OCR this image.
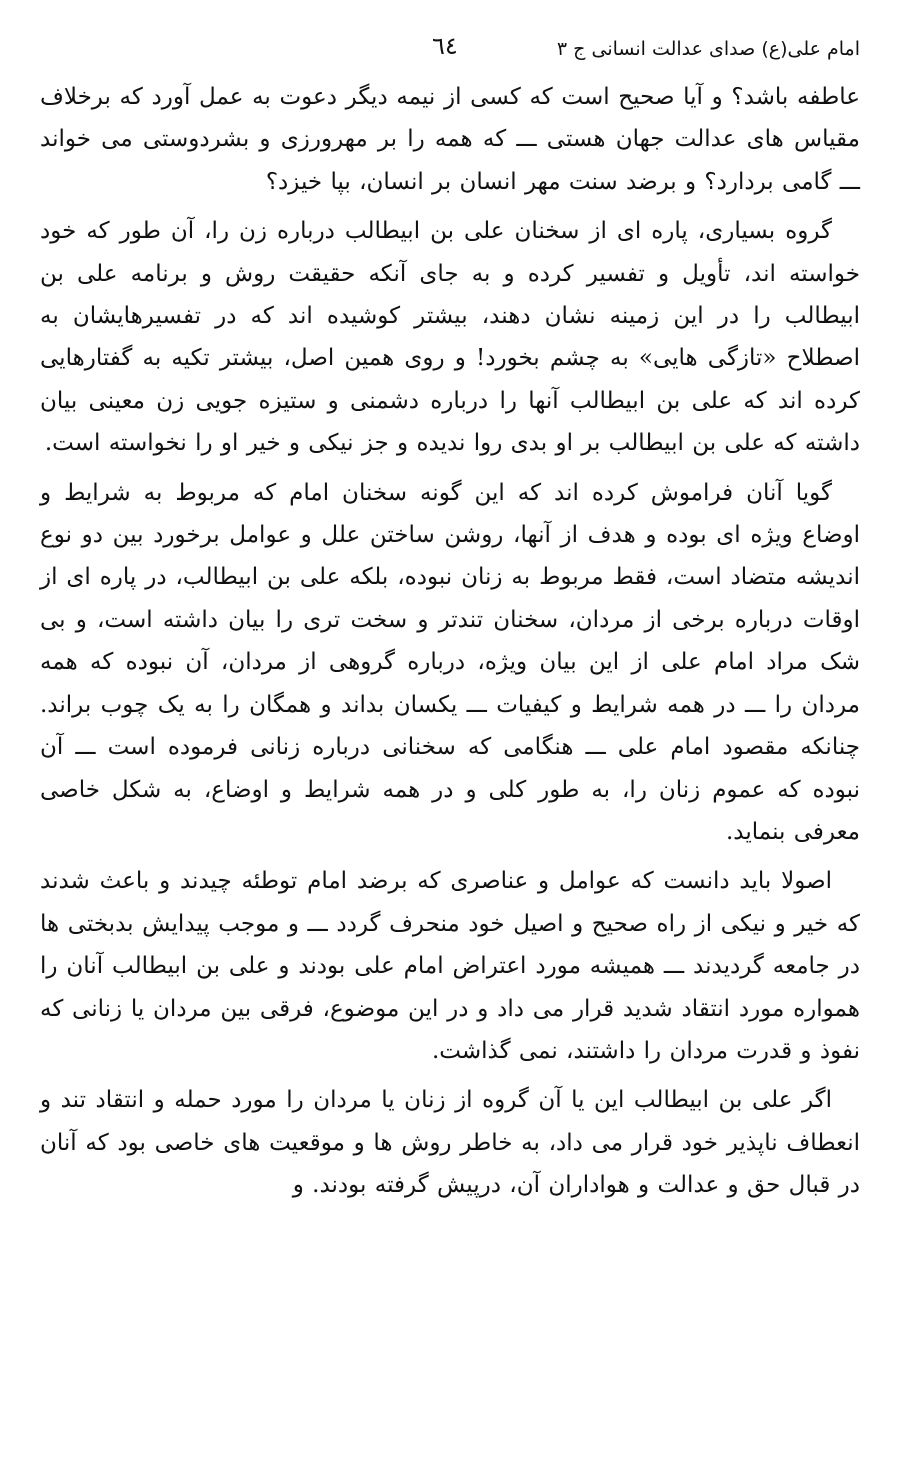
امام علی(ع) صدای عدالت انسانی ج ٣
٦٤

عاطفه باشد؟ و آیا صحیح است که کسی از نیمه دیگر دعوت به عمل آورد که برخلاف مقیاس های عدالت جهان هستی ـــ که همه را بر مهرورزی و بشردوستی می خواند ـــ گامی بردارد؟ و برضد سنت مهر انسان بر انسان، بپا خیزد؟

گروه بسیاری، پاره ای از سخنان علی بن ابیطالب درباره زن را، آن طور که خود خواسته اند، تأویل و تفسیر کرده و به جای آنکه حقیقت روش و برنامه علی بن ابیطالب را در این زمینه نشان دهند، بیشتر کوشیده اند که در تفسیرهایشان به اصطلاح «تازگی هایی» به چشم بخورد! و روی همین اصل، بیشتر تکیه به گفتارهایی کرده اند که علی بن ابیطالب آنها را درباره دشمنی و ستیزه جویی زن معینی بیان داشته که علی بن ابیطالب بر او بدی روا ندیده و جز نیکی و خیر او را نخواسته است.

گویا آنان فراموش کرده اند که این گونه سخنان امام که مربوط به شرایط و اوضاع ویژه ای بوده و هدف از آنها، روشن ساختن علل و عوامل برخورد بین دو نوع اندیشه متضاد است، فقط مربوط به زنان نبوده، بلکه علی بن ابیطالب، در پاره ای از اوقات درباره برخی از مردان، سخنان تندتر و سخت تری را بیان داشته است، و بی شک مراد امام علی از این بیان ویژه، درباره گروهی از مردان، آن نبوده که همه مردان را ـــ در همه شرایط و کیفیات ـــ یکسان بداند و همگان را به یک چوب براند. چنانکه مقصود امام علی ـــ هنگامی که سخنانی درباره زنانی فرموده است ـــ آن نبوده که عموم زنان را، به طور کلی و در همه شرایط و اوضاع، به شکل خاصی معرفی بنماید.

اصولا باید دانست که عوامل و عناصری که برضد امام توطئه چیدند و باعث شدند که خیر و نیکی از راه صحیح و اصیل خود منحرف گردد ـــ و موجب پیدایش بدبختی ها در جامعه گردیدند ـــ همیشه مورد اعتراض امام علی بودند و علی بن ابیطالب آنان را همواره مورد انتقاد شدید قرار می داد و در این موضوع، فرقی بین مردان یا زنانی که نفوذ و قدرت مردان را داشتند، نمی گذاشت.

اگر علی بن ابیطالب این یا آن گروه از زنان یا مردان را مورد حمله و انتقاد تند و انعطاف ناپذیر خود قرار می داد، به خاطر روش ها و موقعیت های خاصی بود که آنان در قبال حق و عدالت و هواداران آن، درپیش گرفته بودند. و
